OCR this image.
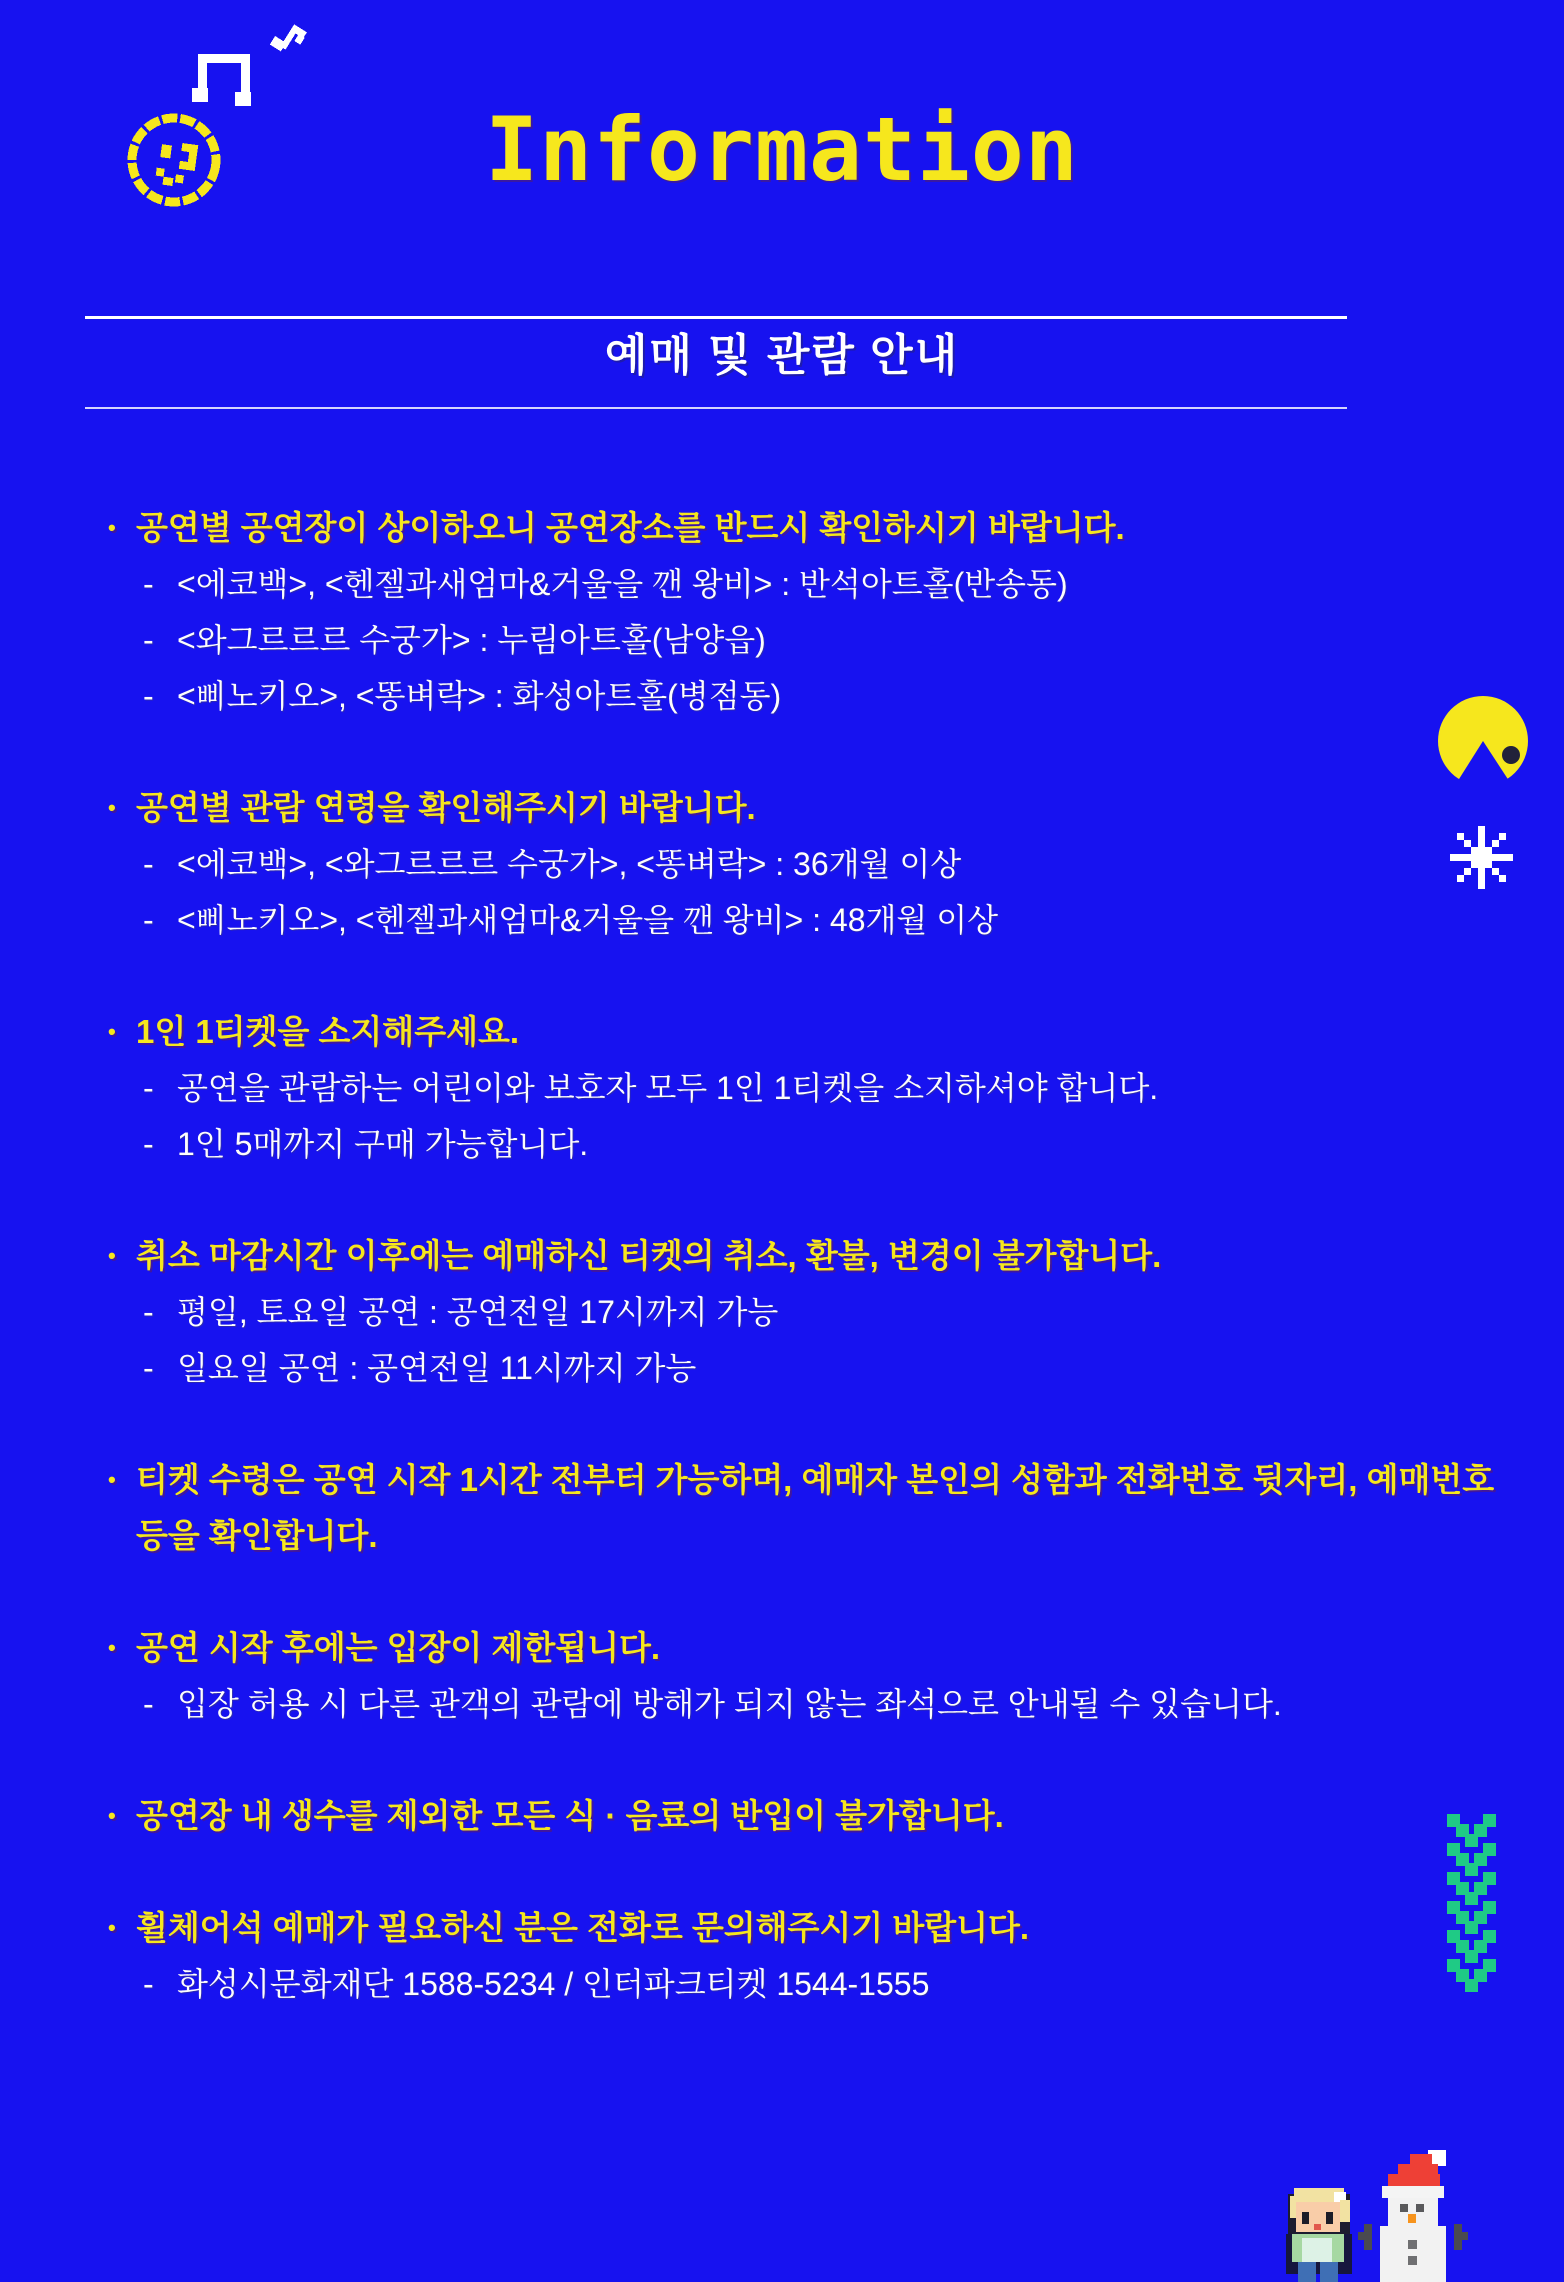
Information
예매 및 관람 안내
• 공연별 공연장이 상이하오니 공연장소를 반드시 확인하시기 바랍니다.
- <에코백>, <헨젤과새엄마&거울을 깬 왕비> : 반석아트홀(반송동)
- <와그르르르 수궁가> : 누림아트홀(남양읍)
- <삐노키오>, <똥벼락> : 화성아트홀(병점동)
• 공연별 관람 연령을 확인해주시기 바랍니다.
- <에코백>, <와그르르르 수궁가>, <똥벼락> : 36개월 이상
- <삐노키오>, <헨젤과새엄마&거울을 깬 왕비> : 48개월 이상
• 1인 1티켓을 소지해주세요.
- 공연을 관람하는 어린이와 보호자 모두 1인 1티켓을 소지하셔야 합니다.
- 1인 5매까지 구매 가능합니다.
• 취소 마감시간 이후에는 예매하신 티켓의 취소, 환불, 변경이 불가합니다.
- 평일, 토요일 공연 : 공연전일 17시까지 가능
- 일요일 공연 : 공연전일 11시까지 가능
• 티켓 수령은 공연 시작 1시간 전부터 가능하며, 예매자 본인의 성함과 전화번호 뒷자리, 예매번호 등을 확인합니다.
• 공연 시작 후에는 입장이 제한됩니다.
- 입장 허용 시 다른 관객의 관람에 방해가 되지 않는 좌석으로 안내될 수 있습니다.
• 공연장 내 생수를 제외한 모든 식 · 음료의 반입이 불가합니다.
• 휠체어석 예매가 필요하신 분은 전화로 문의해주시기 바랍니다.
- 화성시문화재단 1588-5234 / 인터파크티켓 1544-1555
